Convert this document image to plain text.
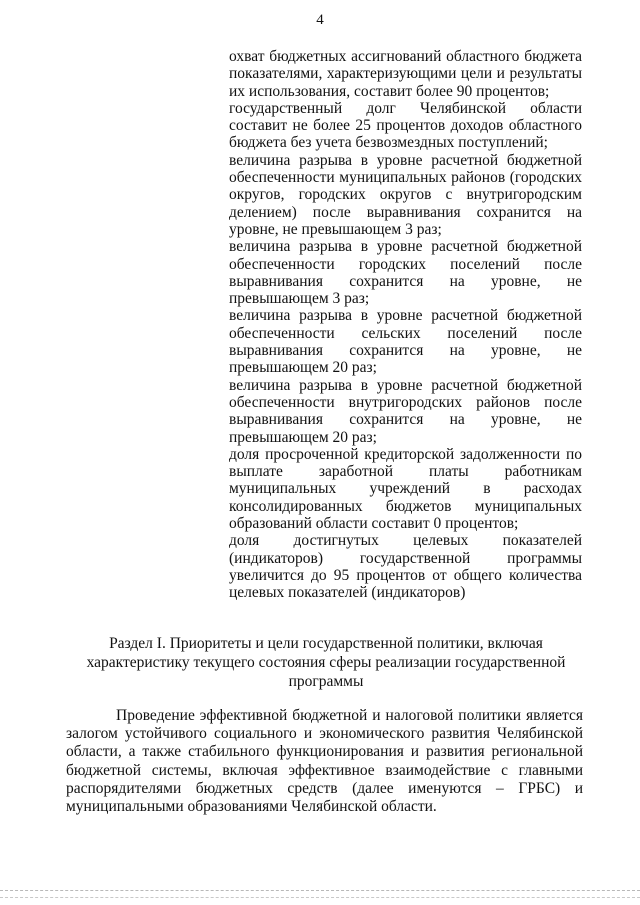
4

охват бюджетных ассигнований областного бюджета показателями, характеризующими цели и результаты их использования, составит более 90 процентов;

государственный долг Челябинской области составит не более 25 процентов доходов областного бюджета без учета безвозмездных поступлений;

величина разрыва в уровне расчетной бюджетной обеспеченности муниципальных районов (городских округов, городских округов с внутригородским делением) после выравнивания сохранится на уровне, не превышающем 3 раз;

величина разрыва в уровне расчетной бюджетной обеспеченности городских поселений после выравнивания сохранится на уровне, не превышающем 3 раз;

величина разрыва в уровне расчетной бюджетной обеспеченности сельских поселений после выравнивания сохранится на уровне, не превышающем 20 раз;

величина разрыва в уровне расчетной бюджетной обеспеченности внутригородских районов после выравнивания сохранится на уровне, не превышающем 20 раз;

доля просроченной кредиторской задолженности по выплате заработной платы работникам муниципальных учреждений в расходах консолидированных бюджетов муниципальных образований области составит 0 процентов;

доля достигнутых целевых показателей (индикаторов) государственной программы увеличится до 95 процентов от общего количества целевых показателей (индикаторов)

Раздел I. Приоритеты и цели государственной политики, включая характеристику текущего состояния сферы реализации государственной программы

Проведение эффективной бюджетной и налоговой политики является залогом устойчивого социального и экономического развития Челябинской области, а также стабильного функционирования и развития региональной бюджетной системы, включая эффективное взаимодействие с главными распорядителями бюджетных средств (далее именуются – ГРБС) и муниципальными образованиями Челябинской области.
